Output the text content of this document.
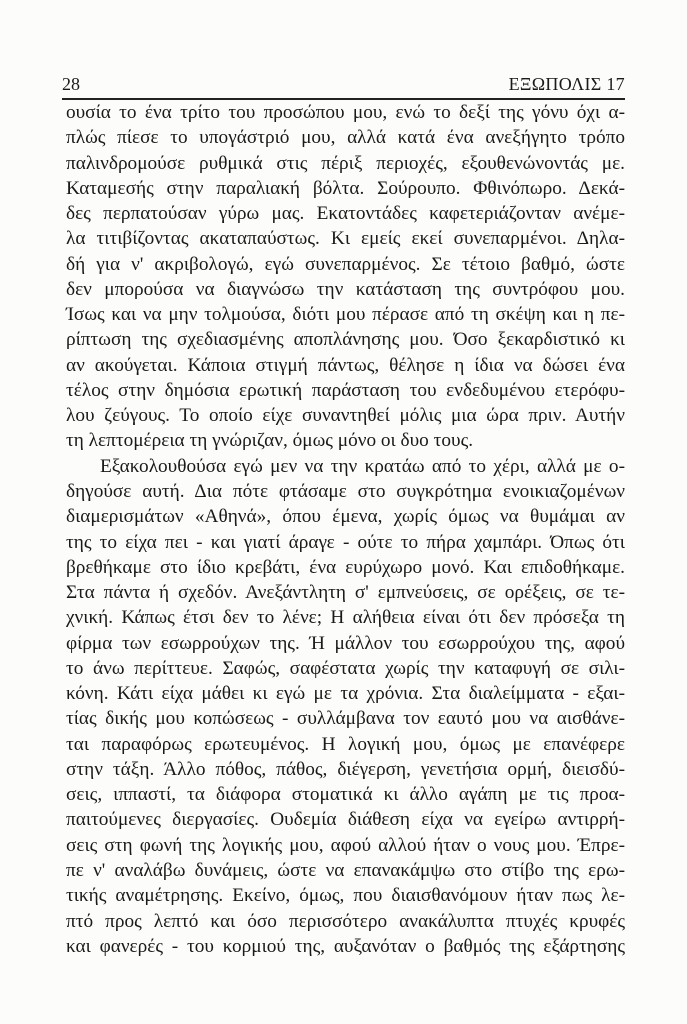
28	ΕΞΩΠΟΛΙΣ 17
ουσία το ένα τρίτο του προσώπου μου, ενώ το δεξί της γόνυ όχι α-
πλώς πίεσε το υπογάστριό μου, αλλά κατά ένα ανεξήγητο τρόπο
παλινδρομούσε ρυθμικά στις πέριξ περιοχές, εξουθενώνοντάς με.
Καταμεσής στην παραλιακή βόλτα. Σούρουπο. Φθινόπωρο. Δεκά-
δες περπατούσαν γύρω μας. Εκατοντάδες καφετεριάζονταν ανέμε-
λα τιτιβίζοντας ακαταπαύστως. Κι εμείς εκεί συνεπαρμένοι. Δηλα-
δή για ν' ακριβολογώ, εγώ συνεπαρμένος. Σε τέτοιο βαθμό, ώστε
δεν μπορούσα να διαγνώσω την κατάσταση της συντρόφου μου.
Ίσως και να μην τολμούσα, διότι μου πέρασε από τη σκέψη και η πε-
ρίπτωση της σχεδιασμένης αποπλάνησης μου. Όσο ξεκαρδιστικό κι
αν ακούγεται. Κάποια στιγμή πάντως, θέλησε η ίδια να δώσει ένα
τέλος στην δημόσια ερωτική παράσταση του ενδεδυμένου ετερόφυ-
λου ζεύγους. Το οποίο είχε συναντηθεί μόλις μια ώρα πριν. Αυτήν
τη λεπτομέρεια τη γνώριζαν, όμως μόνο οι δυο τους.
Εξακολουθούσα εγώ μεν να την κρατάω από το χέρι, αλλά με ο-
δηγούσε αυτή. Δια πότε φτάσαμε στο συγκρότημα ενοικιαζομένων
διαμερισμάτων «Αθηνά», όπου έμενα, χωρίς όμως να θυμάμαι αν
της το είχα πει - και γιατί άραγε - ούτε το πήρα χαμπάρι. Όπως ότι
βρεθήκαμε στο ίδιο κρεβάτι, ένα ευρύχωρο μονό. Και επιδοθήκαμε.
Στα πάντα ή σχεδόν. Ανεξάντλητη σ' εμπνεύσεις, σε ορέξεις, σε τε-
χνική. Κάπως έτσι δεν το λένε; Η αλήθεια είναι ότι δεν πρόσεξα τη
φίρμα των εσωρρούχων της. Ή μάλλον του εσωρρούχου της, αφού
το άνω περίττευε. Σαφώς, σαφέστατα χωρίς την καταφυγή σε σιλι-
κόνη. Κάτι είχα μάθει κι εγώ με τα χρόνια. Στα διαλείμματα - εξαι-
τίας δικής μου κοπώσεως - συλλάμβανα τον εαυτό μου να αισθάνε-
ται παραφόρως ερωτευμένος. Η λογική μου, όμως με επανέφερε
στην τάξη. Άλλο πόθος, πάθος, διέγερση, γενετήσια ορμή, διεισδύ-
σεις, ιππαστί, τα διάφορα στοματικά κι άλλο αγάπη με τις προα-
παιτούμενες διεργασίες. Ουδεμία διάθεση είχα να εγείρω αντιρρή-
σεις στη φωνή της λογικής μου, αφού αλλού ήταν ο νους μου. Έπρε-
πε ν' αναλάβω δυνάμεις, ώστε να επανακάμψω στο στίβο της ερω-
τικής αναμέτρησης. Εκείνο, όμως, που διαισθανόμουν ήταν πως λε-
πτό προς λεπτό και όσο περισσότερο ανακάλυπτα πτυχές κρυφές
και φανερές - του κορμιού της, αυξανόταν ο βαθμός της εξάρτησης
